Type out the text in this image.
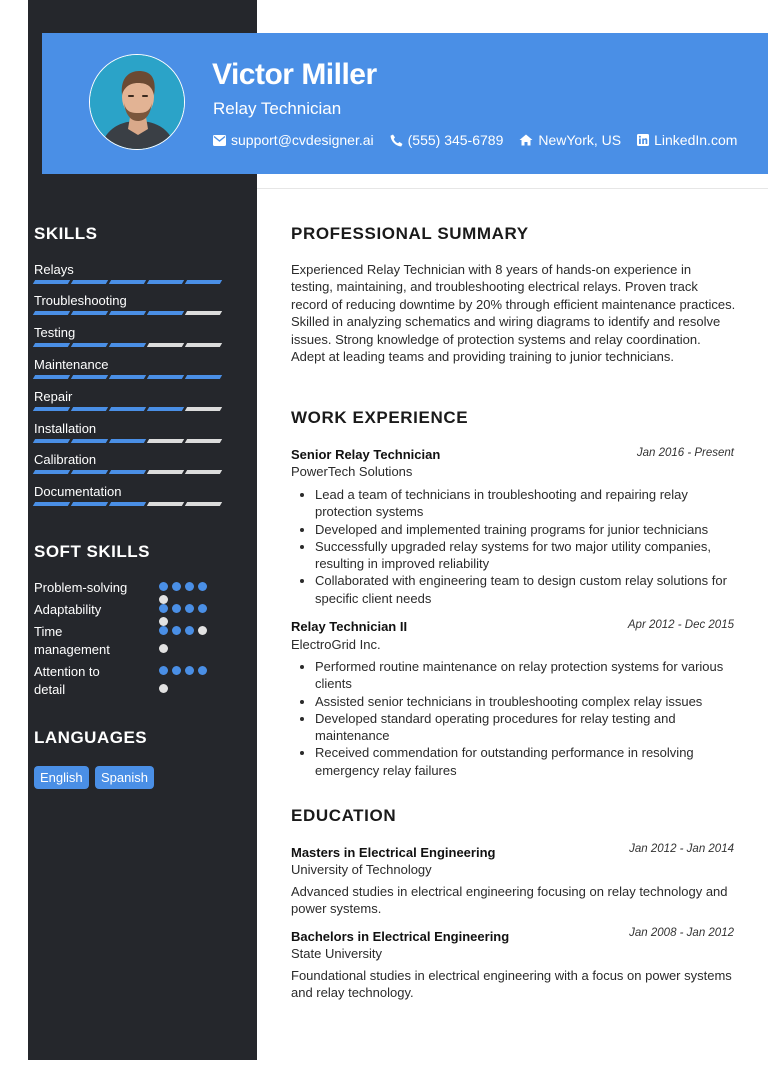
Victor Miller
Relay Technician
support@cvdesigner.ai (555) 345-6789	NewYork, US LinkedIn.com
SKILLS
Relays
Troubleshooting
Testing
Maintenance
Repair
Installation
Calibration
Documentation
SOFT SKILLS
Problem-solving
Adaptability
Time management
Attention to detail
LANGUAGES
English	Spanish
PROFESSIONAL SUMMARY
Experienced Relay Technician with 8 years of hands-on experience in testing, maintaining, and troubleshooting electrical relays. Proven track record of reducing downtime by 20% through efficient maintenance practices. Skilled in analyzing schematics and wiring diagrams to identify and resolve issues. Strong knowledge of protection systems and relay coordination. Adept at leading teams and providing training to junior technicians.
WORK EXPERIENCE
Senior Relay Technician	Jan 2016 - Present
PowerTech Solutions
• Lead a team of technicians in troubleshooting and repairing relay protection systems
• Developed and implemented training programs for junior technicians
• Successfully upgraded relay systems for two major utility companies, resulting in improved reliability
• Collaborated with engineering team to design custom relay solutions for specific client needs
Relay Technician II	Apr 2012 - Dec 2015
ElectroGrid Inc.
• Performed routine maintenance on relay protection systems for various clients
• Assisted senior technicians in troubleshooting complex relay issues
• Developed standard operating procedures for relay testing and maintenance
• Received commendation for outstanding performance in resolving emergency relay failures
EDUCATION
Masters in Electrical Engineering	Jan 2012 - Jan 2014
University of Technology
Advanced studies in electrical engineering focusing on relay technology and power systems.
Bachelors in Electrical Engineering	Jan 2008 - Jan 2012
State University
Foundational studies in electrical engineering with a focus on power systems and relay technology.
